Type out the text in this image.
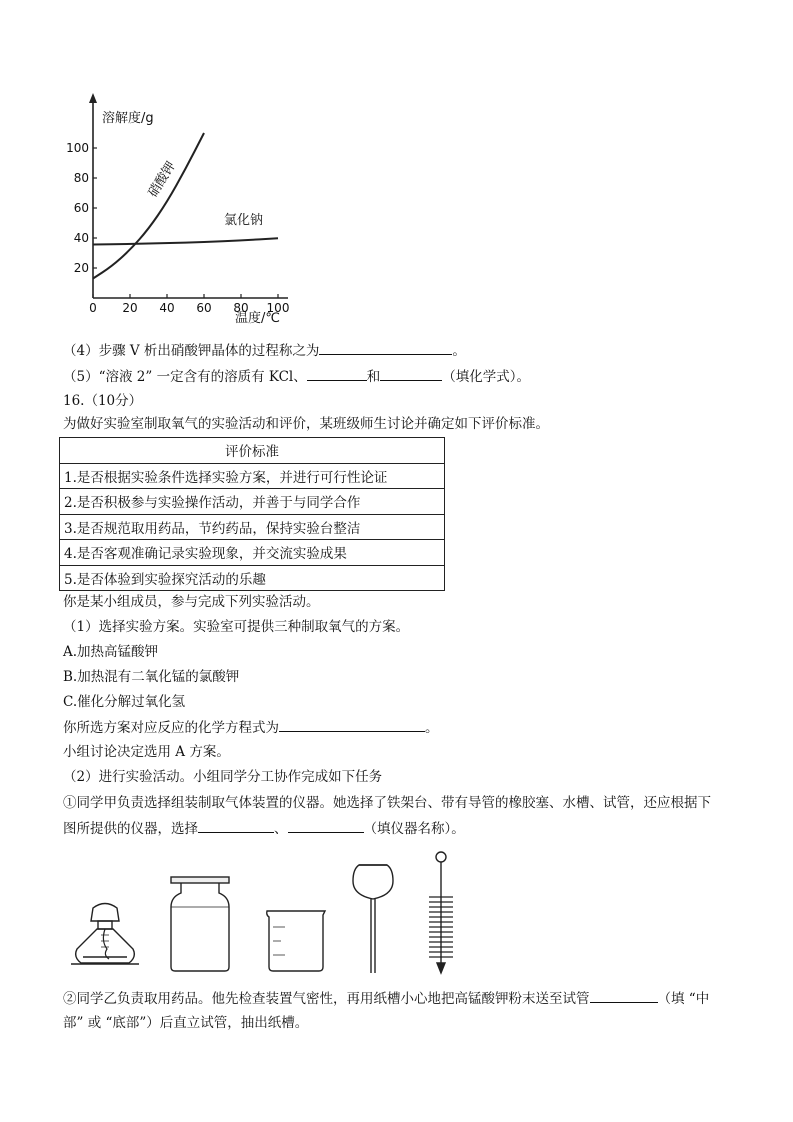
20
40
60
80
100
0 20 40 60 80 100
溶解度/g
温度/℃
硝酸钾
氯化钠
（4）步骤 V 析出硝酸钾晶体的过程称之为	。
（5）“溶液 2” 一定含有的溶质有 KCl、	和	（填化学式）。
16.（10分）
为做好实验室制取氧气的实验活动和评价，某班级师生讨论并确定如下评价标准。
评价标准
1.是否根据实验条件选择实验方案，并进行可行性论证
2.是否积极参与实验操作活动，并善于与同学合作
3.是否规范取用药品，节约药品，保持实验台整洁
4.是否客观准确记录实验现象，并交流实验成果
5.是否体验到实验探究活动的乐趣
你是某小组成员，参与完成下列实验活动。
（1）选择实验方案。实验室可提供三种制取氧气的方案。
A.加热高锰酸钾
B.加热混有二氧化锰的氯酸钾
C.催化分解过氧化氢
你所选方案对应反应的化学方程式为	。
小组讨论决定选用 A 方案。
（2）进行实验活动。小组同学分工协作完成如下任务
①同学甲负责选择组装制取气体装置的仪器。她选择了铁架台、带有导管的橡胶塞、水槽、试管，还应根据下
图所提供的仪器，选择	、	（填仪器名称）。
②同学乙负责取用药品。他先检查装置气密性，再用纸槽小心地把高锰酸钾粉末送至试管	（填 “中
部” 或 “底部”）后直立试管，抽出纸槽。
